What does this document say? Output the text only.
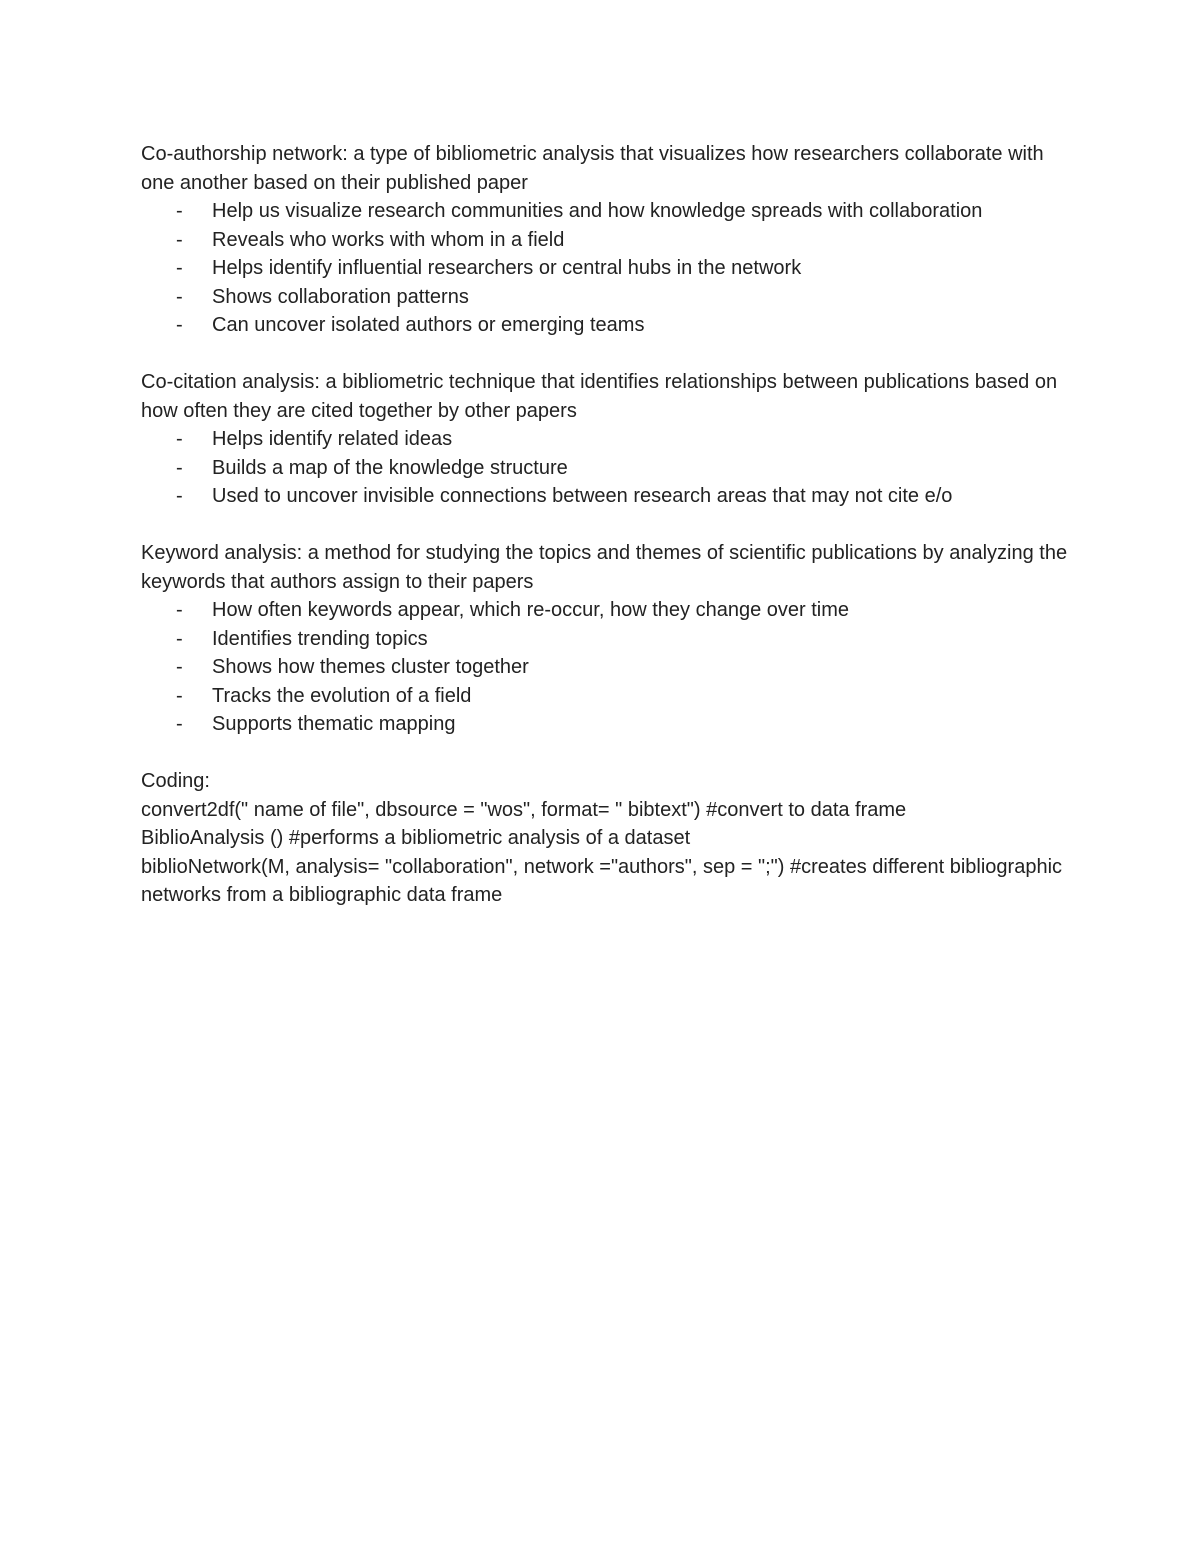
Co-authorship network: a type of bibliometric analysis that visualizes how researchers collaborate with one another based on their published paper

- Help us visualize research communities and how knowledge spreads with collaboration
- Reveals who works with whom in a field
- Helps identify influential researchers or central hubs in the network
- Shows collaboration patterns
- Can uncover isolated authors or emerging teams

Co-citation analysis: a bibliometric technique that identifies relationships between publications based on how often they are cited together by other papers

- Helps identify related ideas
- Builds a map of the knowledge structure
- Used to uncover invisible connections between research areas that may not cite e/o

Keyword analysis: a method for studying the topics and themes of scientific publications by analyzing the keywords that authors assign to their papers

- How often keywords appear, which re-occur, how they change over time
- Identifies trending topics
- Shows how themes cluster together
- Tracks the evolution of a field
- Supports thematic mapping

Coding:

convert2df(" name of file", dbsource = "wos", format= " bibtext") #convert to data frame

BiblioAnalysis () #performs a bibliometric analysis of a dataset

biblioNetwork(M, analysis= "collaboration", network ="authors", sep = ";") #creates different bibliographic networks from a bibliographic data frame
